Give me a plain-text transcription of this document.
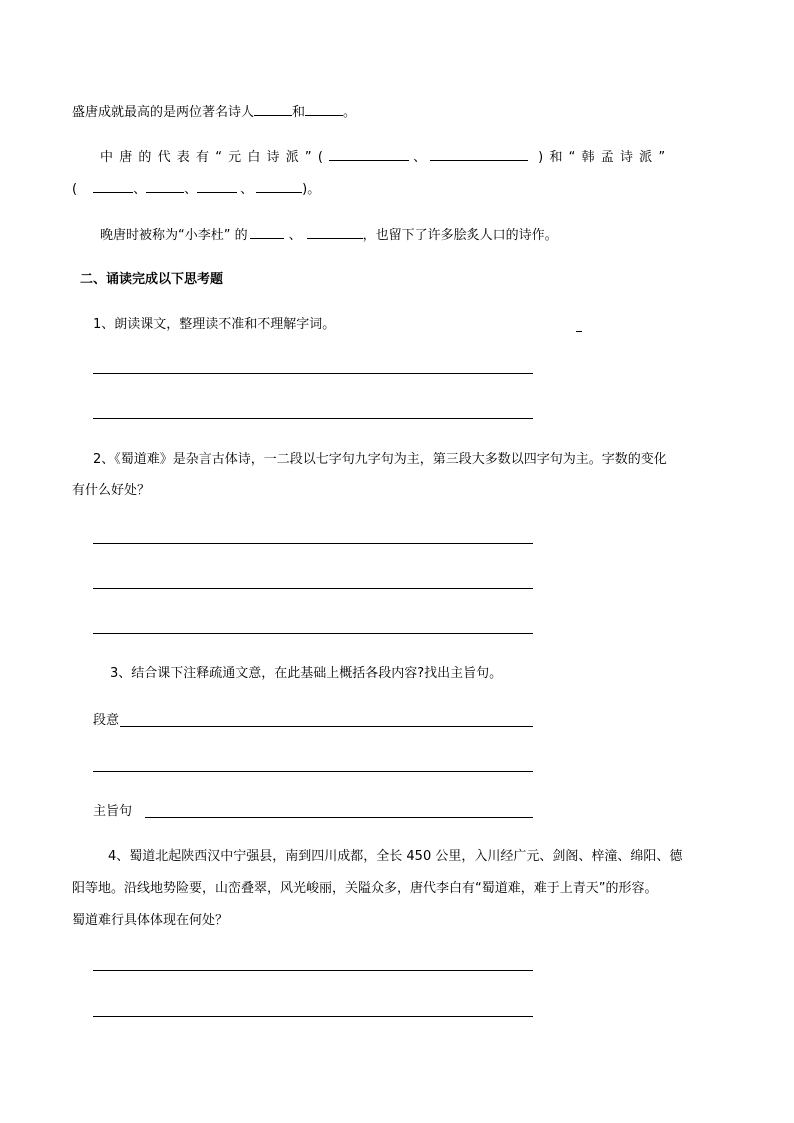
盛唐成就最高的是两位著名诗人	和	。
中唐的代表有“元白诗派”(	、	)和“韩孟诗派”
(	、	、	、	)。
晚唐时被称为“小李杜” 的	、	，也留下了许多脍炙人口的诗作。
二、诵读完成以下思考题
1、朗读课文，整理读不准和不理解字词。
2、《蜀道难》是杂言古体诗，一二段以七字句九字句为主，第三段大多数以四字句为主。字数的变化
有什么好处？
3、结合课下注释疏通文意，在此基础上概括各段内容?找出主旨句。
段意
主旨句
4、蜀道北起陕西汉中宁强县，南到四川成都，全长 450 公里，入川经广元、剑阁、梓潼、绵阳、德
阳等地。沿线地势险要，山峦叠翠，风光峻丽，关隘众多，唐代李白有“蜀道难，难于上青天”的形容。
蜀道难行具体体现在何处？
